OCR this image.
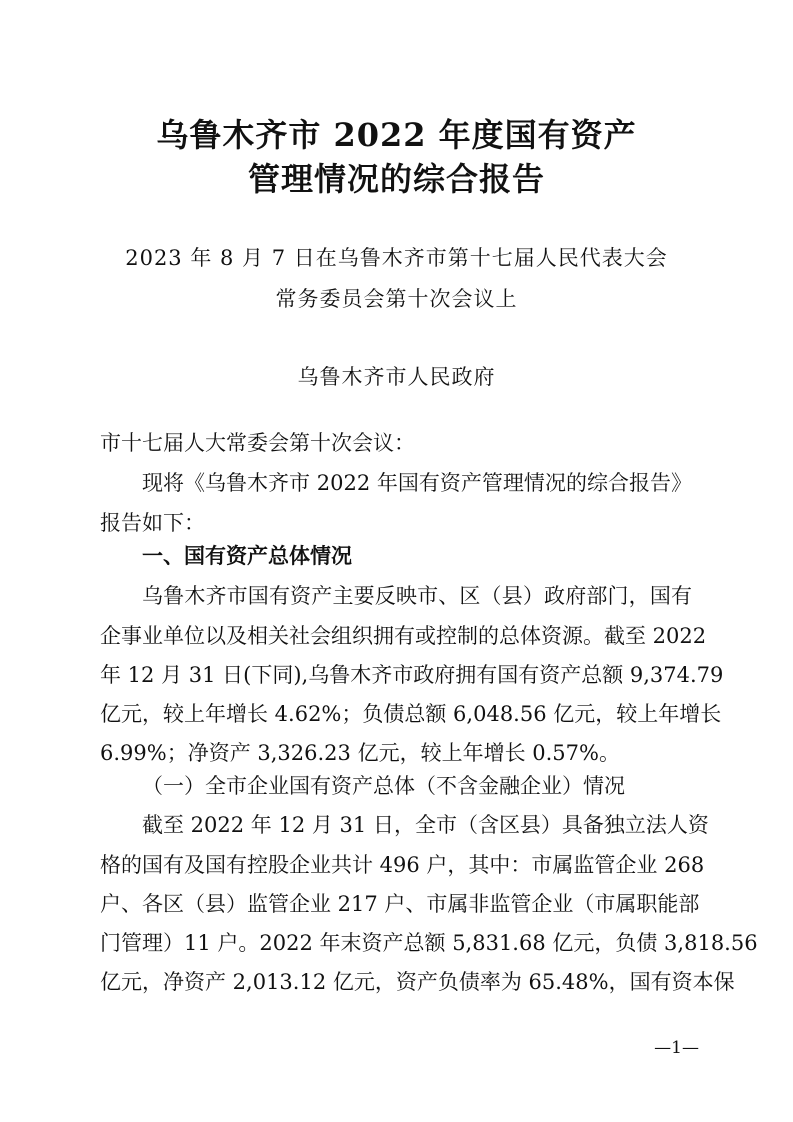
乌鲁木齐市 2022 年度国有资产
管理情况的综合报告
2023 年 8 月 7 日在乌鲁木齐市第十七届人民代表大会
常务委员会第十次会议上
乌鲁木齐市人民政府
市十七届人大常委会第十次会议：
现将《乌鲁木齐市 2022 年国有资产管理情况的综合报告》
报告如下：
一、国有资产总体情况
乌鲁木齐市国有资产主要反映市、区（县）政府部门，国有
企事业单位以及相关社会组织拥有或控制的总体资源。截至 2022
年 12 月 31 日(下同),乌鲁木齐市政府拥有国有资产总额 9,374.79
亿元，较上年增长 4.62%；负债总额 6,048.56 亿元，较上年增长
6.99%；净资产 3,326.23 亿元，较上年增长 0.57%。
（一）全市企业国有资产总体（不含金融企业）情况
截至 2022 年 12 月 31 日，全市（含区县）具备独立法人资
格的国有及国有控股企业共计 496 户，其中：市属监管企业 268
户、各区（县）监管企业 217 户、市属非监管企业（市属职能部
门管理）11 户。2022 年末资产总额 5,831.68 亿元，负债 3,818.56
亿元，净资产 2,013.12 亿元，资产负债率为 65.48%，国有资本保
—1—
